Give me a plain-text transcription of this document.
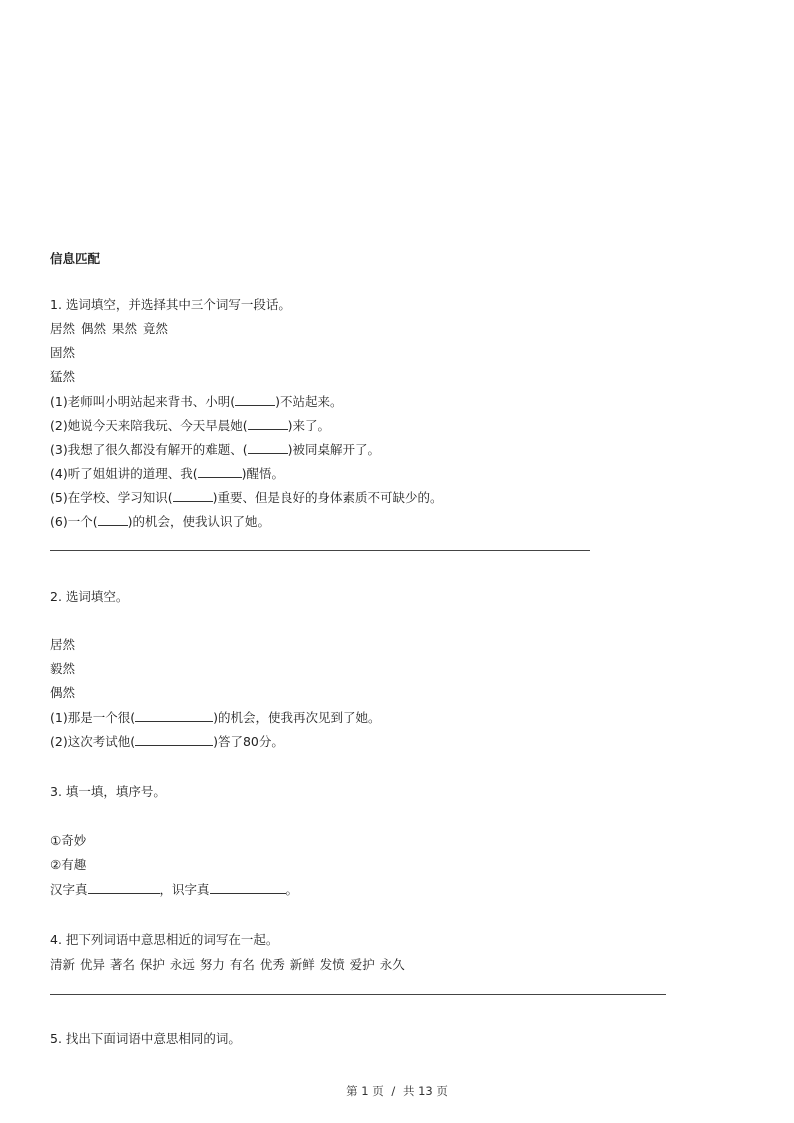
信息匹配
1. 选词填空，并选择其中三个词写一段话。
居然 偶然 果然 竟然
固然
猛然
(1)老师叫小明站起来背书、小明(	)不站起来。
(2)她说今天来陪我玩、今天早晨她(	)来了。
(3)我想了很久都没有解开的难题、(	)被同桌解开了。
(4)听了姐姐讲的道理、我(	)醒悟。
(5)在学校、学习知识(	)重要、但是良好的身体素质不可缺少的。
(6)一个( )的机会，使我认识了她。
2. 选词填空。
居然
毅然
偶然
(1)那是一个很(	)的机会，使我再次见到了她。
(2)这次考试他(	)答了80分。
3. 填一填，填序号。
①奇妙
②有趣
汉字真	，识字真	。
4. 把下列词语中意思相近的词写在一起。
清新 优异 著名 保护 永远 努力 有名 优秀 新鲜 发愤 爱护 永久
5. 找出下面词语中意思相同的词。
第 1 页 / 共 13 页
